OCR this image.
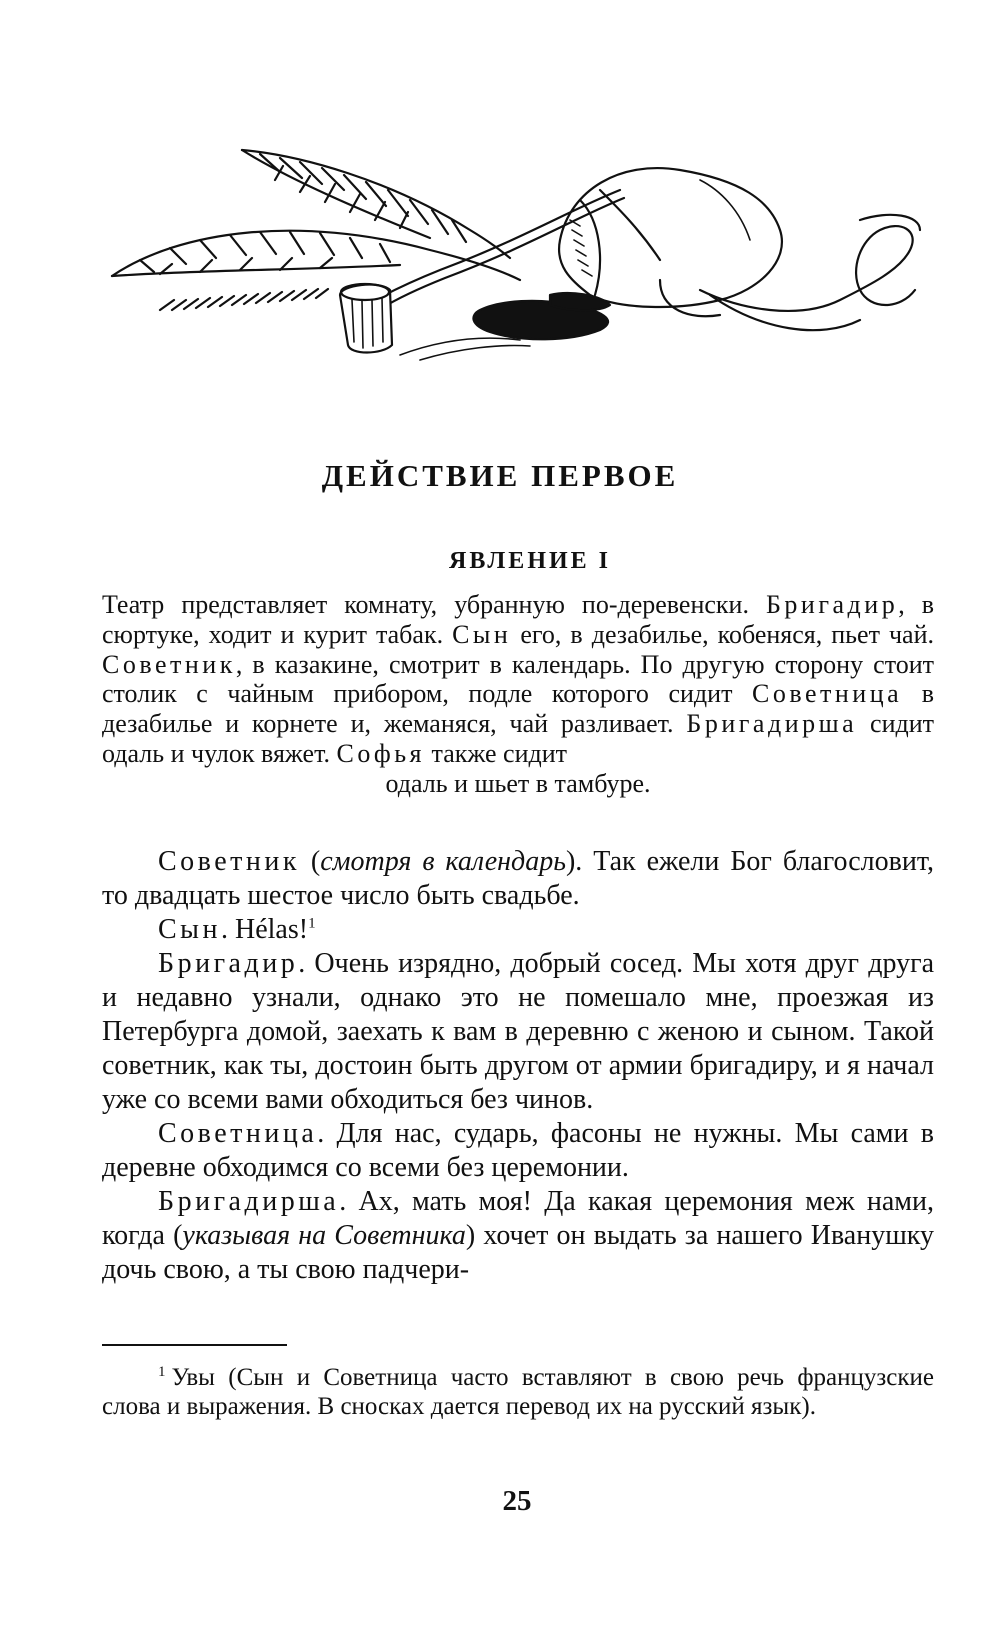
ДЕЙСТВИЕ ПЕРВОЕ
ЯВЛЕНИЕ I
Театр представляет комнату, убранную по-деревенски. Бригадир, в сюртуке, ходит и курит табак. Сын его, в дезабилье, кобеняся, пьет чай. Советник, в казакине, смотрит в календарь. По другую сторону стоит столик с чайным прибором, подле которого сидит Советница в дезабилье и корнете и, жеманяся, чай разливает. Бригадирша сидит одаль и чулок вяжет. Софья также сидит
одаль и шьет в тамбуре.

Советник (смотря в календарь). Так ежели Бог благословит, то двадцать шестое число быть свадьбе.

Сын. Hélas!$^1$

Бригадир. Очень изрядно, добрый сосед. Мы хотя друг друга и недавно узнали, однако это не помешало мне, проезжая из Петербурга домой, заехать к вам в деревню с женою и сыном. Такой советник, как ты, достоин быть другом от армии бригадиру, и я начал уже со всеми вами обходиться без чинов.

Советница. Для нас, сударь, фасоны не нужны. Мы сами в деревне обходимся со всеми без церемонии.

Бригадирша. Ах, мать моя! Да какая церемония меж нами, когда (указывая на Советника) хочет он выдать за нашего Иванушку дочь свою, а ты свою падчери-

$^1$ Увы (Сын и Советница часто вставляют в свою речь французские слова и выражения. В сносках дается перевод их на русский язык).
25
